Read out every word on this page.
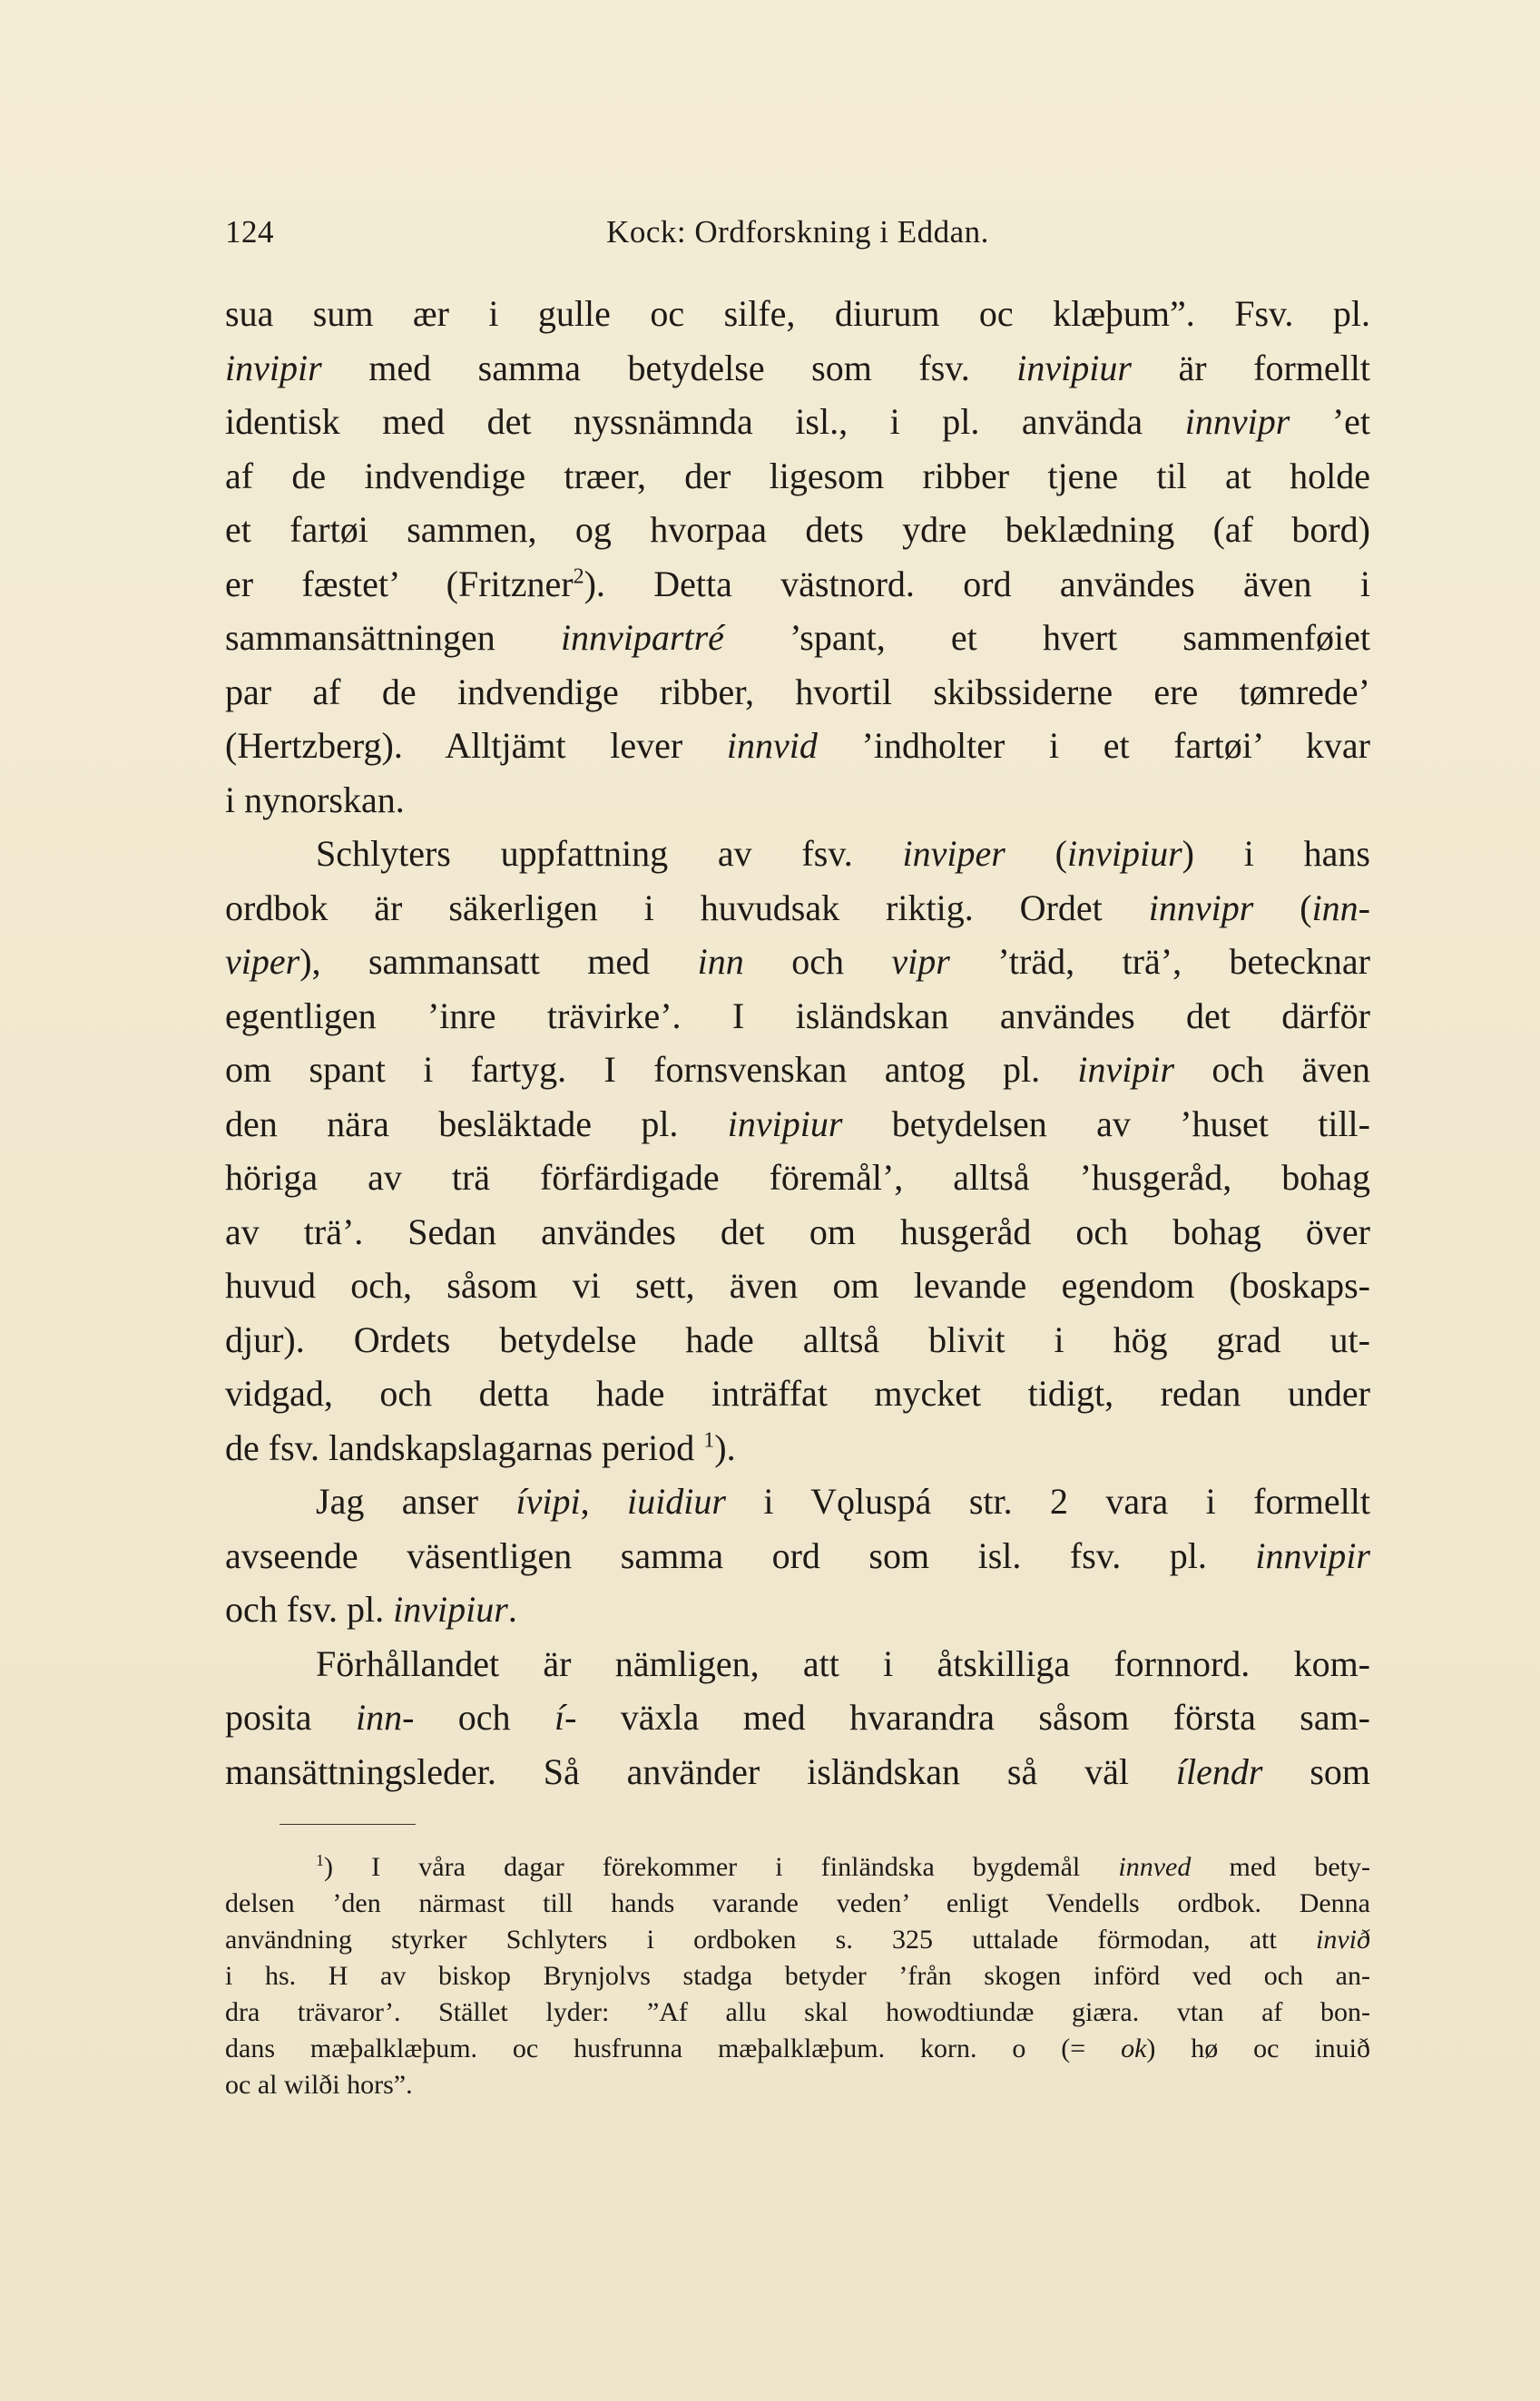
124	Kock: Ordforskning i Eddan.
sua sum ær i gulle oc silfe, diurum oc klæþum”. Fsv. pl.
invipir med samma betydelse som fsv. invipiur är formellt
identisk med det nyssnämnda isl., i pl. använda innvipr ’et
af de indvendige træer, der ligesom ribber tjene til at holde
et fartøi sammen, og hvorpaa dets ydre beklædning (af bord)
er fæstet’ (Fritzner$^2$). Detta västnord. ord användes även i
sammansättningen innvipartré ’spant, et hvert sammenføiet
par af de indvendige ribber, hvortil skibssiderne ere tømrede’
(Hertzberg). Alltjämt lever innvid ’indholter i et fartøi’ kvar
i nynorskan.
Schlyters uppfattning av fsv. inviper (invipiur) i hans
ordbok är säkerligen i huvudsak riktig. Ordet innvipr (inn-
viper), sammansatt med inn och vipr ’träd, trä’, betecknar
egentligen ’inre trävirke’. I isländskan användes det därför
om spant i fartyg. I fornsvenskan antog pl. invipir och även
den nära besläktade pl. invipiur betydelsen av ’huset till-
höriga av trä förfärdigade föremål’, alltså ’husgeråd, bohag
av trä’. Sedan användes det om husgeråd och bohag över
huvud och, såsom vi sett, även om levande egendom (boskaps-
djur). Ordets betydelse hade alltså blivit i hög grad ut-
vidgad, och detta hade inträffat mycket tidigt, redan under
de fsv. landskapslagarnas period $^1$).
Jag anser ívipi, iuidiur i Vǫluspá str. 2 vara i formellt
avseende väsentligen samma ord som isl. fsv. pl. innvipir
och fsv. pl. invipiur.
Förhållandet är nämligen, att i åtskilliga fornnord. kom-
posita inn- och í- växla med hvarandra såsom första sam-
mansättningsleder. Så använder isländskan så väl ílendr som
$^1$) I våra dagar förekommer i finländska bygdemål innved med bety-
delsen ’den närmast till hands varande veden’ enligt Vendells ordbok. Denna
användning styrker Schlyters i ordboken s. 325 uttalade förmodan, att invið
i hs. H av biskop Brynjolvs stadga betyder ’från skogen införd ved och an-
dra trävaror’. Stället lyder: ”Af allu skal howodtiundæ giæra. vtan af bon-
dans mæþalklæþum. oc husfrunna mæþalklæþum. korn. o (= ok) hø oc inuið
oc al wilði hors”.
